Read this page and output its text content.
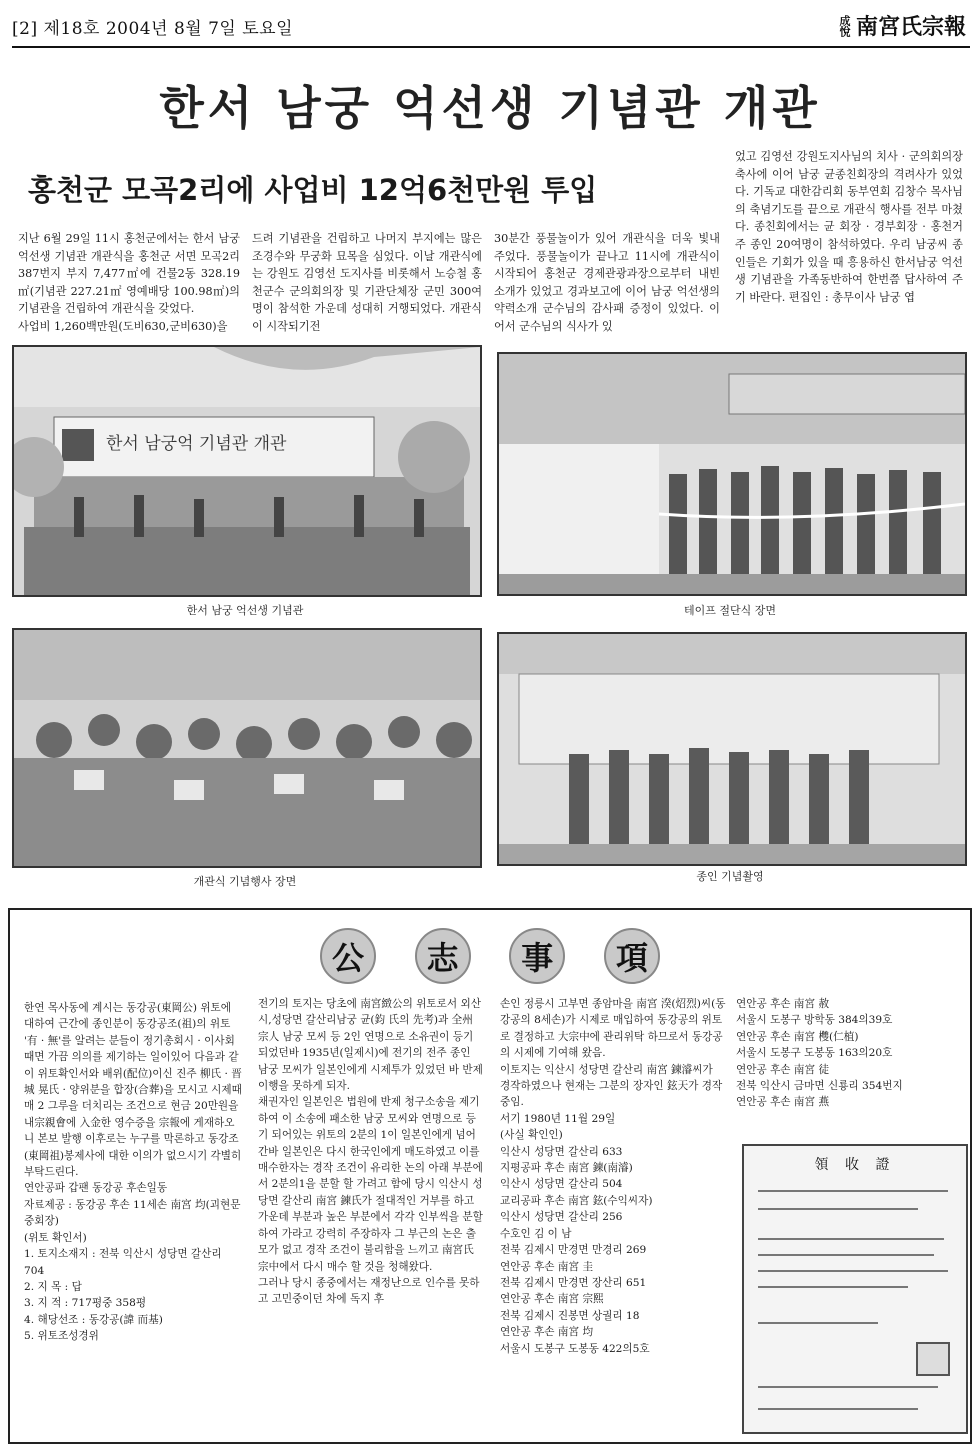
[2] 제18호 2004년 8월 7일 토요일	成悅 南宮氏宗報
한서 남궁 억선생 기념관 개관
홍천군 모곡2리에 사업비 12억6천만원 투입

지난 6월 29일 11시 홍천군에서는 한서 남궁 억선생 기념관 개관식을 홍천군 서면 모곡2리 387번지 부지 7,477㎡에 건물2동 328.19㎡(기념관 227.21㎡ 영예배당 100.98㎡)의 기념관을 건립하여 개관식을 갖었다.
사업비 1,260백만원(도비630,군비630)을

드려 기념관을 건립하고 나머지 부지에는 많은 조경수와 무궁화 묘목을 심었다. 이날 개관식에는 강원도 김영선 도지사를 비롯해서 노승철 홍천군수 군의회의장 및 기관단체장 군민 300여명이 참석한 가운데 성대히 거행되었다. 개관식이 시작되기전

30분간 풍물놀이가 있어 개관식을 더욱 빛내주었다. 풍물놀이가 끝나고 11시에 개관식이 시작되어 홍천군 경제관광과장으로부터 내빈소개가 있었고 경과보고에 이어 남궁 억선생의 약력소개 군수님의 감사패 증정이 있었다. 이어서 군수님의 식사가 있

었고 김영선 강원도지사님의 치사 · 군의회의장 축사에 이어 남궁 균종친회장의 격려사가 있었다. 기독교 대한감리회 동부연회 김창수 목사님의 축념기도를 끝으로 개관식 행사를 전부 마쳤다. 종친회에서는 균 회장 · 경부회장 · 홍천거주 종인 20여명이 참석하였다. 우리 남궁씨 종인들은 기회가 있을 때 흥용하신 한서남궁 억선생 기념관을 가족동반하여 한번쯤 답사하여 주기 바란다. 편집인 : 총무이사 남궁 엽

한서 남궁억 기념관 개관
한서 남궁 억선생 기념관	테이프 절단식 장면
개관식 기념행사 장면	종인 기념촬영
公	志	事	項

한연 목사동에 계시는 동강공(東岡公) 위토에 대하여 근간에 종인분이 동강공조(祖)의 위토 '有 · 無'를 알려는 분들이 정기총회시 · 이사회때면 가끔 의의를 제기하는 일이있어 다음과 같이 위토확인서와 배위(配位)이신 진주 柳氏 · 晋城 晃氏 · 양위분을 합장(合葬)을 모시고 시제때 매 2 그루을 더치리는 조건으로 현금 20만원을 내宗親會에 入金한 영수증을 宗報에 게재하오니 본보 발행 이후로는 누구를 막론하고 동강조(東岡祖)봉제사에 대한 이의가 없으시기 각별히 부탁드린다.
연안공파 갑팬 동강공 후손일동
자료제공 : 동강공 후손 11세손 南宮 均(괴현문중회장)
(위토 확인서)
1. 토지소재지 : 전북 익산시 성당면 갈산리 704
2. 지 목 : 답
3. 지 적 : 717평중 358평
4. 해당선조 : 동강공(諱 而基)
5. 위토조성경위

전기의 토지는 당초에 南宮緻公의 위토로서 외산시,성당면 갈산리남궁 균(鈞 氏의 先考)과 全州 宗人 남궁 모씨 등 2인 연명으로 소유권이 등기 되었던바 1935년(일제시)에 전기의 전주 종인 남궁 모씨가 일본인에게 시제투가 있었던 바 반제이행을 못하게 되자.
채권자인 일본인은 법원에 반제 청구소송을 제기하여 이 소송에 패소한 남궁 모씨와 연명으로 등기 되어있는 위토의 2분의 1이 일본인에게 넘어간바 일본인은 다시 한국인에게 매도하였고 이를 매수한자는 경작 조건이 유리한 논의 아래 부분에서 2분의1을 분할 할 가려고 함에 당시 익산시 성당면 갈산리 南宮 鍊氏가 절대적인 거부를 하고 가운데 부분과 높은 부분에서 각각 인부씩을 분할하여 가라고 강력히 주장하자 그 부근의 논은 출모가 없고 경작 조건이 불리함을 느끼고 南宮氏 宗中에서 다시 매수 할 것을 청해왔다.
그러나 당시 종중에서는 재정난으로 인수를 못하고 고민중이던 차에 독지 후

손인 정릉시 고부면 종암마을 南宮 湀(炤烈)씨(동강공의 8세손)가 시제로 매입하여 동강공의 위토로 결정하고 大宗中에 관리위탁 하므로서 동강공의 시제에 기여해 왔음.
이토지는 익산시 성당면 갈산리 南宮 鍊濬씨가 경작하였으나 현재는 그분의 장자인 鉉天가 경작 중임.
서기 1980년 11월 29일
(사실 확인인)
익산시 성당면 갈산리 633
지평공파 후손 南宮 鍊(南濬)
익산시 성당면 갈산리 504
교리공파 후손 南宮 鉉(수익씨자)
익산시 성당면 갈산리 256
수호인 김 이 남
전북 김제시 만경면 만경리 269
연안공 후손 南宮 圭
전북 김제시 만경면 장산리 651
연안공 후손 南宮 宗熙
전북 김제시 진봉면 상궐리 18
연안공 후손 南宮 均
서울시 도봉구 도봉동 422의5호

연안공 후손 南宮 赦
서울시 도봉구 방학동 384의39호
연안공 후손 南宮 欆(仁植)
서울시 도봉구 도봉동 163의20호
연안공 후손 南宮 徒
전북 익산시 금마면 신룡리 354번지
연안공 후손 南宮 燕

領 收 證
